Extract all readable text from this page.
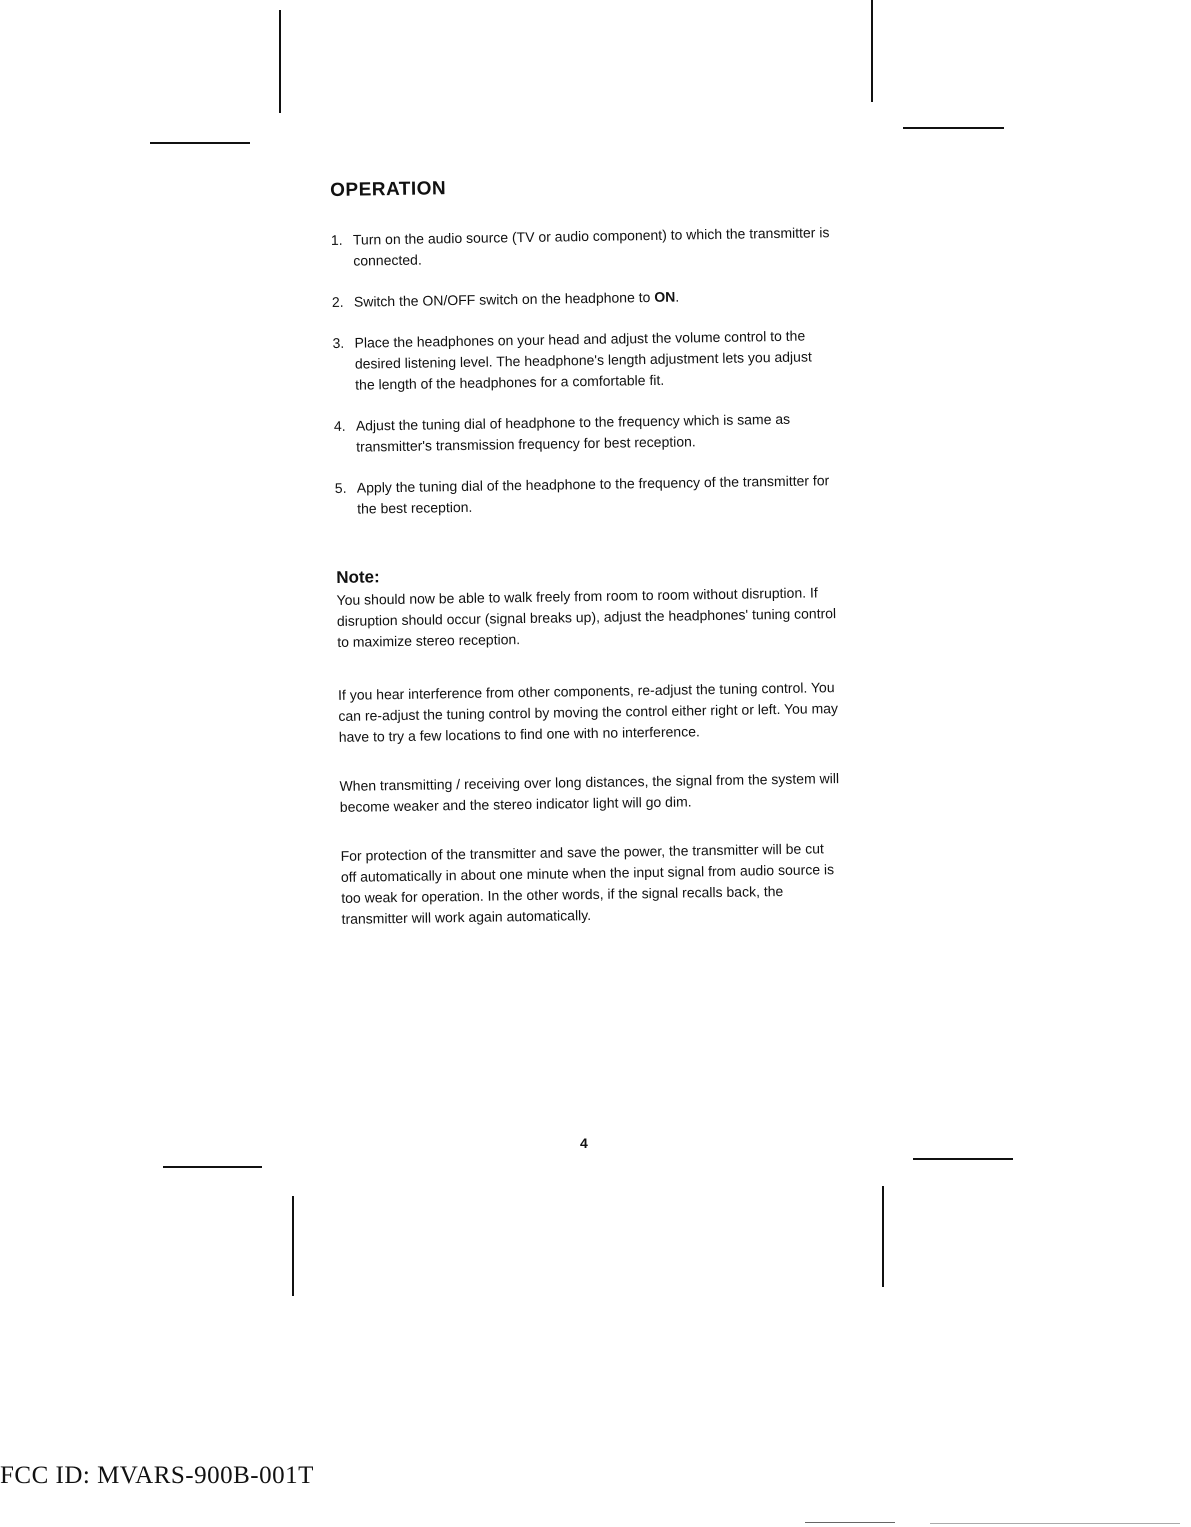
OPERATION
1. Turn on the audio source (TV or audio component) to which the transmitter is connected.
2. Switch the ON/OFF switch on the headphone to ON.
3. Place the headphones on your head and adjust the volume control to the desired listening level. The headphone's length adjustment lets you adjust the length of the headphones for a comfortable fit.
4. Adjust the tuning dial of headphone to the frequency which is same as transmitter's transmission frequency for best reception.
5. Apply the tuning dial of the headphone to the frequency of the transmitter for the best reception.
Note:

You should now be able to walk freely from room to room without disruption. If disruption should occur (signal breaks up), adjust the headphones' tuning control to maximize stereo reception.

If you hear interference from other components, re-adjust the tuning control. You can re-adjust the tuning control by moving the control either right or left. You may have to try a few locations to find one with no interference.

When transmitting / receiving over long distances, the signal from the system will become weaker and the stereo indicator light will go dim.

For protection of the transmitter and save the power, the transmitter will be cut off automatically in about one minute when the input signal from audio source is too weak for operation. In the other words, if the signal recalls back, the transmitter will work again automatically.

4
FCC ID: MVARS-900B-001T
